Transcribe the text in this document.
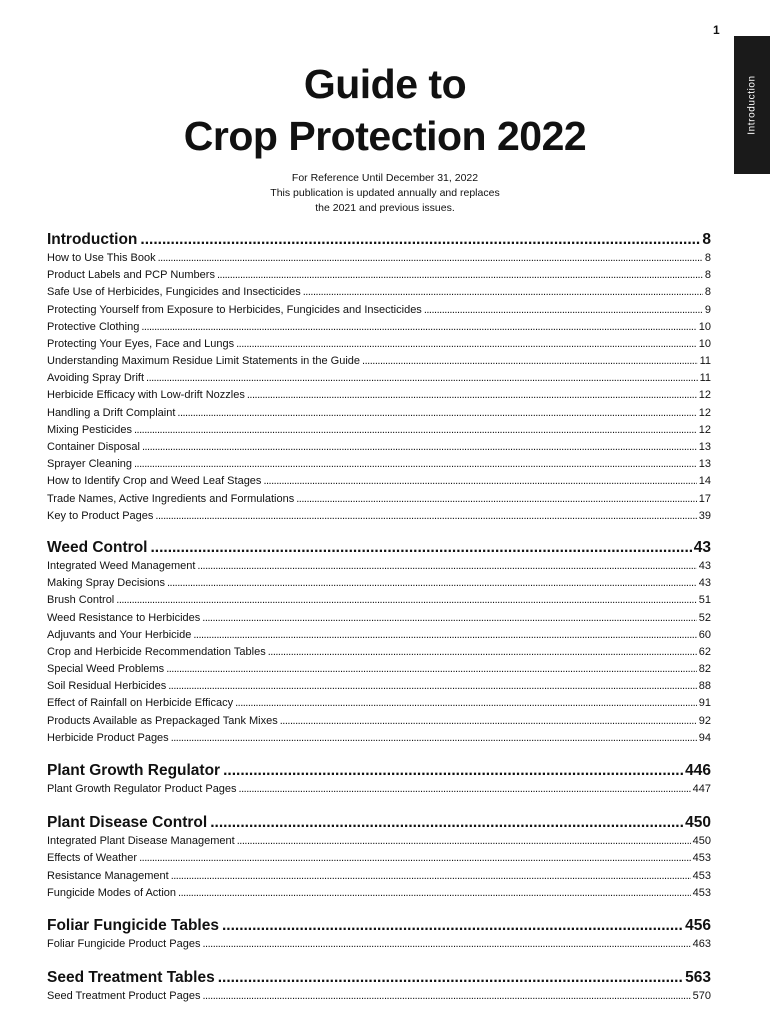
1
Introduction
Guide to
Crop Protection 2022
For Reference Until December 31, 2022
This publication is updated annually and replaces
the 2021 and previous issues.
Introduction .....	8
How to Use This Book .....	8
Product Labels and PCP Numbers .....	8
Safe Use of Herbicides, Fungicides and Insecticides .....	8
Protecting Yourself from Exposure to Herbicides, Fungicides and Insecticides .....	9
Protective Clothing .....	10
Protecting Your Eyes, Face and Lungs .....	10
Understanding Maximum Residue Limit Statements in the Guide .....	11
Avoiding Spray Drift .....	11
Herbicide Efficacy with Low-drift Nozzles .....	12
Handling a Drift Complaint .....	12
Mixing Pesticides .....	12
Container Disposal .....	13
Sprayer Cleaning .....	13
How to Identify Crop and Weed Leaf Stages .....	14
Trade Names, Active Ingredients and Formulations .....	17
Key to Product Pages .....	39
Weed Control .....	43
Integrated Weed Management .....	43
Making Spray Decisions .....	43
Brush Control .....	51
Weed Resistance to Herbicides .....	52
Adjuvants and Your Herbicide .....	60
Crop and Herbicide Recommendation Tables .....	62
Special Weed Problems .....	82
Soil Residual Herbicides .....	88
Effect of Rainfall on Herbicide Efficacy .....	91
Products Available as Prepackaged Tank Mixes .....	92
Herbicide Product Pages .....	94
Plant Growth Regulator .....	446
Plant Growth Regulator Product Pages .....	447
Plant Disease Control .....	450
Integrated Plant Disease Management .....	450
Effects of Weather .....	453
Resistance Management .....	453
Fungicide Modes of Action .....	453
Foliar Fungicide Tables .....	456
Foliar Fungicide Product Pages .....	463
Seed Treatment Tables .....	563
Seed Treatment Product Pages .....	570
